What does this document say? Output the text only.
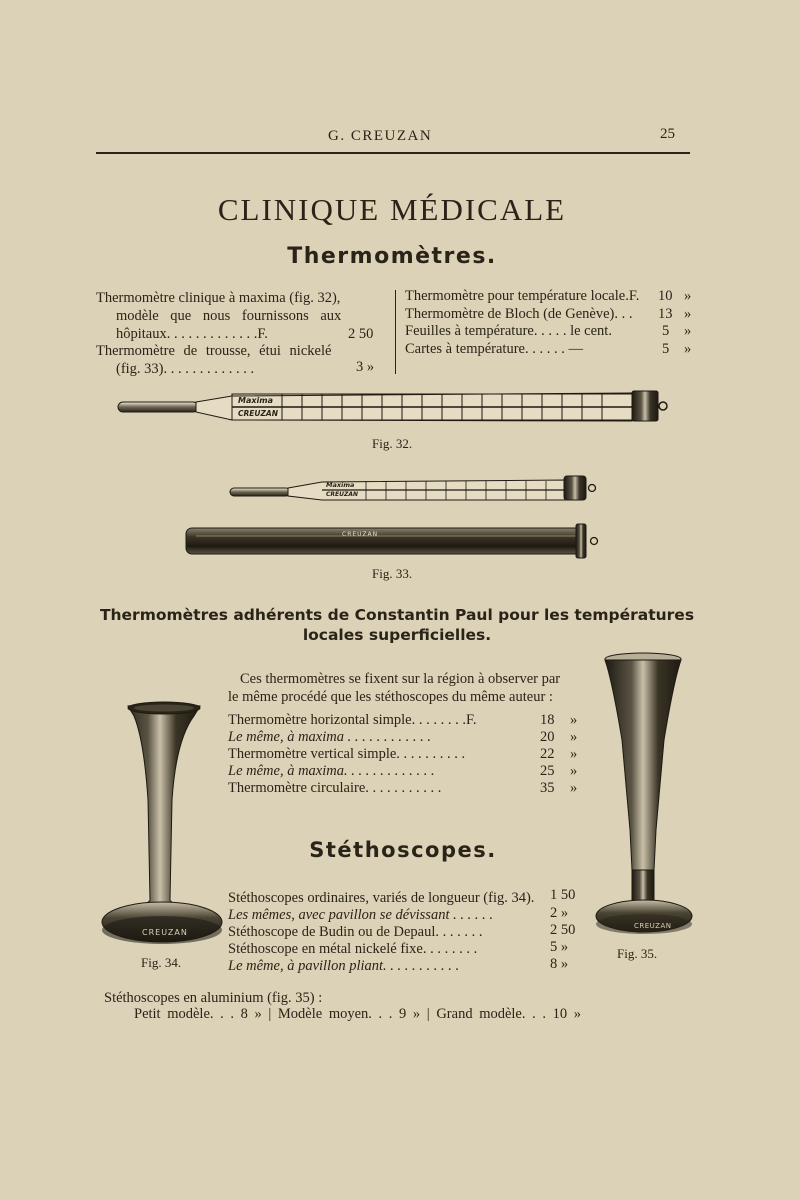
G. CREUZAN	25
CLINIQUE MÉDICALE
Thermomètres.
Thermomètre clinique à maxima (fig. 32),
modèle que nous fournissons aux
hôpitaux. . . . . . . . . . . . .F.	2 50
Thermomètre de trousse, étui nickelé
(fig. 33). . . . . . . . . . . . .	3 »
Thermomètre pour température locale.F. 10 »
Thermomètre de Bloch (de Genève). . . 13 »
Feuilles à température. . . . . le cent.	5 »
Cartes à température. . . . . . —	5 »
Maxima
CREUZAN
Fig. 32.
Maxima
CREUZAN
CREUZAN
Fig. 33.
Thermomètres adhérents de Constantin Paul pour les températures
locales superficielles.
Ces thermomètres se fixent sur la région à observer par
le même procédé que les stéthoscopes du même auteur :
Thermomètre horizontal simple. . . . . . . .F.	18 »
Le même, à maxima . . . . . . . . . . . .	20 »
Thermomètre vertical simple. . . . . . . . . .	22 »
Le même, à maxima. . . . . . . . . . . . .	25 »
Thermomètre circulaire. . . . . . . . . . .	35 »
Stéthoscopes.
Stéthoscopes ordinaires, variés de longueur (fig. 34). 1 50
Les mêmes, avec pavillon se dévissant . . . . . .	2 »
Stéthoscope de Budin ou de Depaul. . . . . . .	2 50
Stéthoscope en métal nickelé fixe. . . . . . . .	5 »
Le même, à pavillon pliant. . . . . . . . . . .	8 »
CREUZAN
Fig. 34.
CREUZAN
Fig. 35.
Stéthoscopes en aluminium (fig. 35) :
Petit modèle. . . 8 » | Modèle moyen. . . 9 » | Grand modèle. . . 10 »
